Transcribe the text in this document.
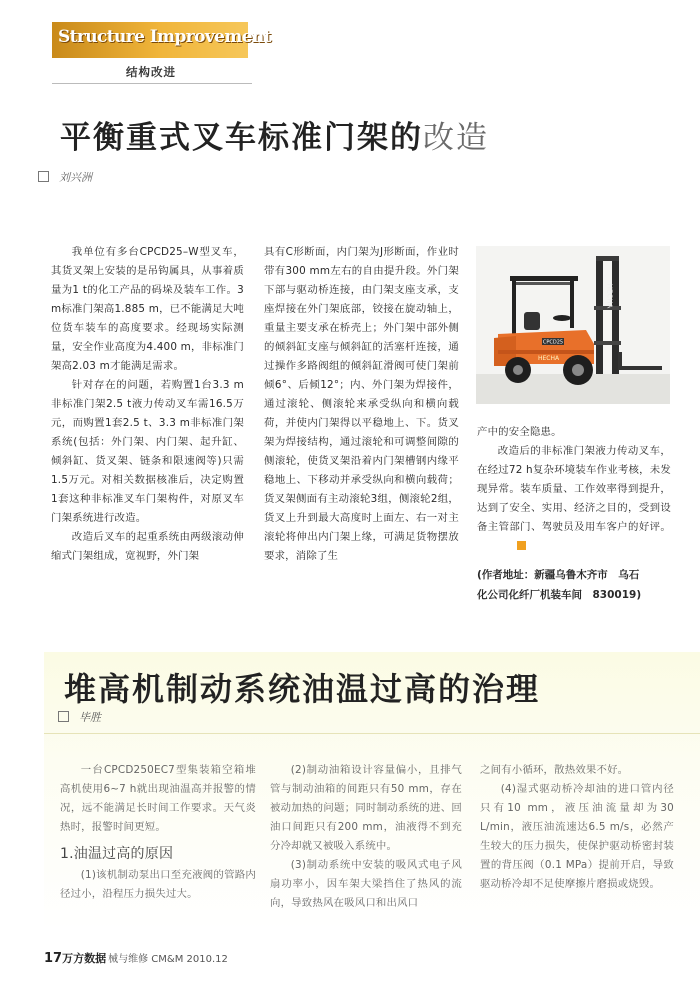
Structure Improvement
结构改进
平衡重式叉车标准门架的改造
刘兴洲

我单位有多台CPCD25–W型叉车，其货叉架上安装的是吊钩属具，从事着质量为1 t的化工产品的码垛及装车工作。3 m标准门架高1.885 m，已不能满足大吨位货车装车的高度要求。经现场实际测量，安全作业高度为4.400 m，非标准门架高2.03 m才能满足需求。

针对存在的问题，若购置1台3.3 m非标准门架2.5 t液力传动叉车需16.5万元，而购置1套2.5 t、3.3 m非标准门架系统(包括：外门架、内门架、起升缸、倾斜缸、货叉架、链条和限速阀等)只需1.5万元。对相关数据核准后，决定购置1套这种非标准叉车门架构件，对原叉车门架系统进行改造。

改造后叉车的起重系统由两级滚动伸缩式门架组成，宽视野，外门架

具有C形断面，内门架为J形断面，作业时带有300 mm左右的自由提升段。外门架下部与驱动桥连接，由门架支座支承，支座焊接在外门架底部，铰接在旋动轴上，重量主要支承在桥壳上；外门架中部外侧的倾斜缸支座与倾斜缸的活塞杆连接，通过操作多路阀组的倾斜缸滑阀可使门架前倾6°、后倾12°；内、外门架为焊接件，通过滚轮、侧滚轮来承受纵向和横向载荷，并使内门架得以平稳地上、下。货叉架为焊接结构，通过滚轮和可调整间隙的侧滚轮，使货叉架沿着内门架槽钢内缘平稳地上、下移动并承受纵向和横向载荷；货叉架侧面有主动滚轮3组，侧滚轮2组，货叉上升到最大高度时上面左、右一对主滚轮将伸出内门架上缘，可满足货物摆放要求，消除了生

HECHA
CPCD25
HECHA

产中的安全隐患。

改造后的非标准门架液力传动叉车，在经过72 h复杂环境装车作业考核，未发现异常。装车质量、工作效率得到提升，达到了安全、实用、经济之目的，受到设备主管部门、驾驶员及用车客户的好评。

(作者地址：新疆乌鲁木齐市　乌石
化公司化纤厂机装车间　830019)
堆高机制动系统油温过高的治理
毕胜

一台CPCD250EC7型集装箱空箱堆高机使用6~7 h就出现油温高并报警的情况，远不能满足长时间工作要求。天气炎热时，报警时间更短。

1.油温过高的原因

(1)该机制动泵出口至充液阀的管路内径过小，沿程压力损失过大。

(2)制动油箱设计容量偏小，且排气管与制动油箱的间距只有50 mm，存在被动加热的问题；同时制动系统的进、回油口间距只有200 mm，油液得不到充分冷却就又被吸入系统中。

(3)制动系统中安装的吸风式电子风扇功率小，因车架大梁挡住了热风的流向，导致热风在吸风口和出风口

之间有小循环，散热效果不好。

(4)湿式驱动桥冷却油的进口管内径只有10 mm，液压油流量却为30 L/min，液压油流速达6.5 m/s，必然产生较大的压力损失，使保护驱动桥密封装置的背压阀（0.1 MPa）提前开启，导致驱动桥冷却不足使摩擦片磨损或烧毁。

17万方数据 械与维修 CM&M 2010.12
